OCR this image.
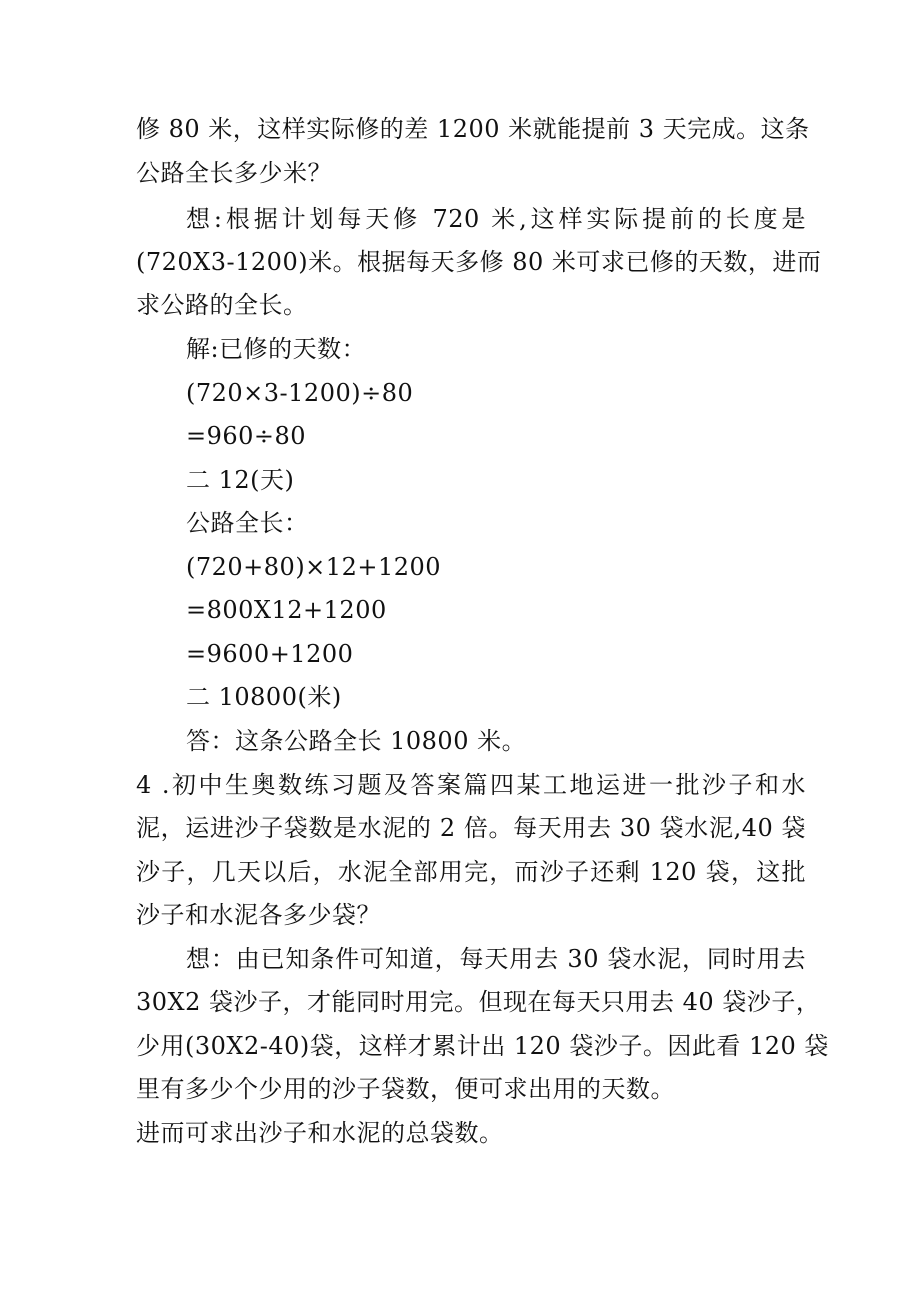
修 80 米，这样实际修的差 1200 米就能提前 3 天完成。这条
公路全长多少米？
想:根据计划每天修 720 米,这样实际提前的长度是
(720X3-1200)米。根据每天多修 80 米可求已修的天数，进而
求公路的全长。
解:已修的天数：
(720×3-1200)÷80
=960÷80
二 12(天)
公路全长：
(720+80)×12+1200
=800X12+1200
=9600+1200
二 10800(米)
答：这条公路全长 10800 米。
4 .初中生奥数练习题及答案篇四某工地运进一批沙子和水
泥，运进沙子袋数是水泥的 2 倍。每天用去 30 袋水泥,40 袋
沙子，几天以后，水泥全部用完，而沙子还剩 120 袋，这批
沙子和水泥各多少袋？
想：由已知条件可知道，每天用去 30 袋水泥，同时用去
30X2 袋沙子，才能同时用完。但现在每天只用去 40 袋沙子，
少用(30X2-40)袋，这样才累计出 120 袋沙子。因此看 120 袋
里有多少个少用的沙子袋数，便可求出用的天数。
进而可求出沙子和水泥的总袋数。
